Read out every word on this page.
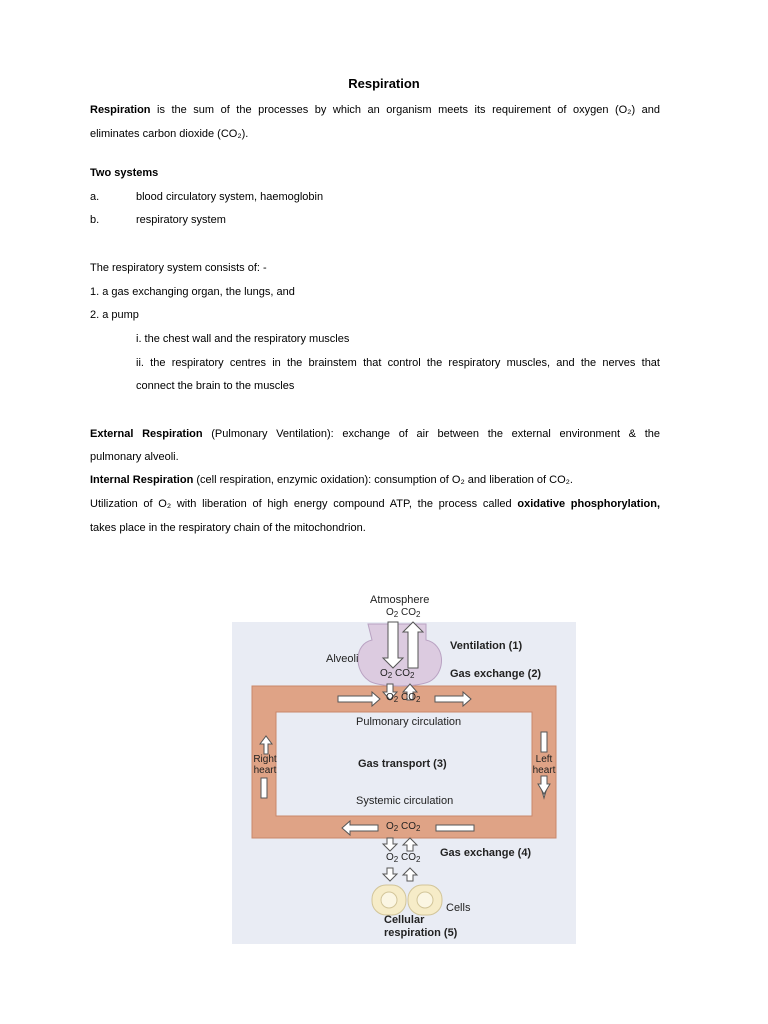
Respiration
Respiration is the sum of the processes by which an organism meets its requirement of oxygen (O₂) and
eliminates carbon dioxide (CO₂).
Two systems
a.	blood circulatory system, haemoglobin
b.	respiratory system
The respiratory system consists of: -
1. a gas exchanging organ, the lungs, and
2. a pump
i. the chest wall and the respiratory muscles
ii. the respiratory centres in the brainstem that control the respiratory muscles, and the nerves that
connect the brain to the muscles
External Respiration (Pulmonary Ventilation): exchange of air between the external environment & the
pulmonary alveoli.
Internal Respiration (cell respiration, enzymic oxidation): consumption of O₂ and liberation of CO₂.
Utilization of O₂ with liberation of high energy compound ATP, the process called oxidative phosphorylation,
takes place in the respiratory chain of the mitochondrion.
Atmosphere
$O_2$ $CO_2$
Alveoli
$O_2$ $CO_2$
Ventilation (1)
Gas exchange (2)
$O_2$ $CO_2$
Pulmonary circulation
Right
heart
Left
heart
Gas transport (3)
Systemic circulation
$O_2$ $CO_2$
Gas exchange (4)
$O_2$ $CO_2$
Cells
Cellular
respiration (5)
